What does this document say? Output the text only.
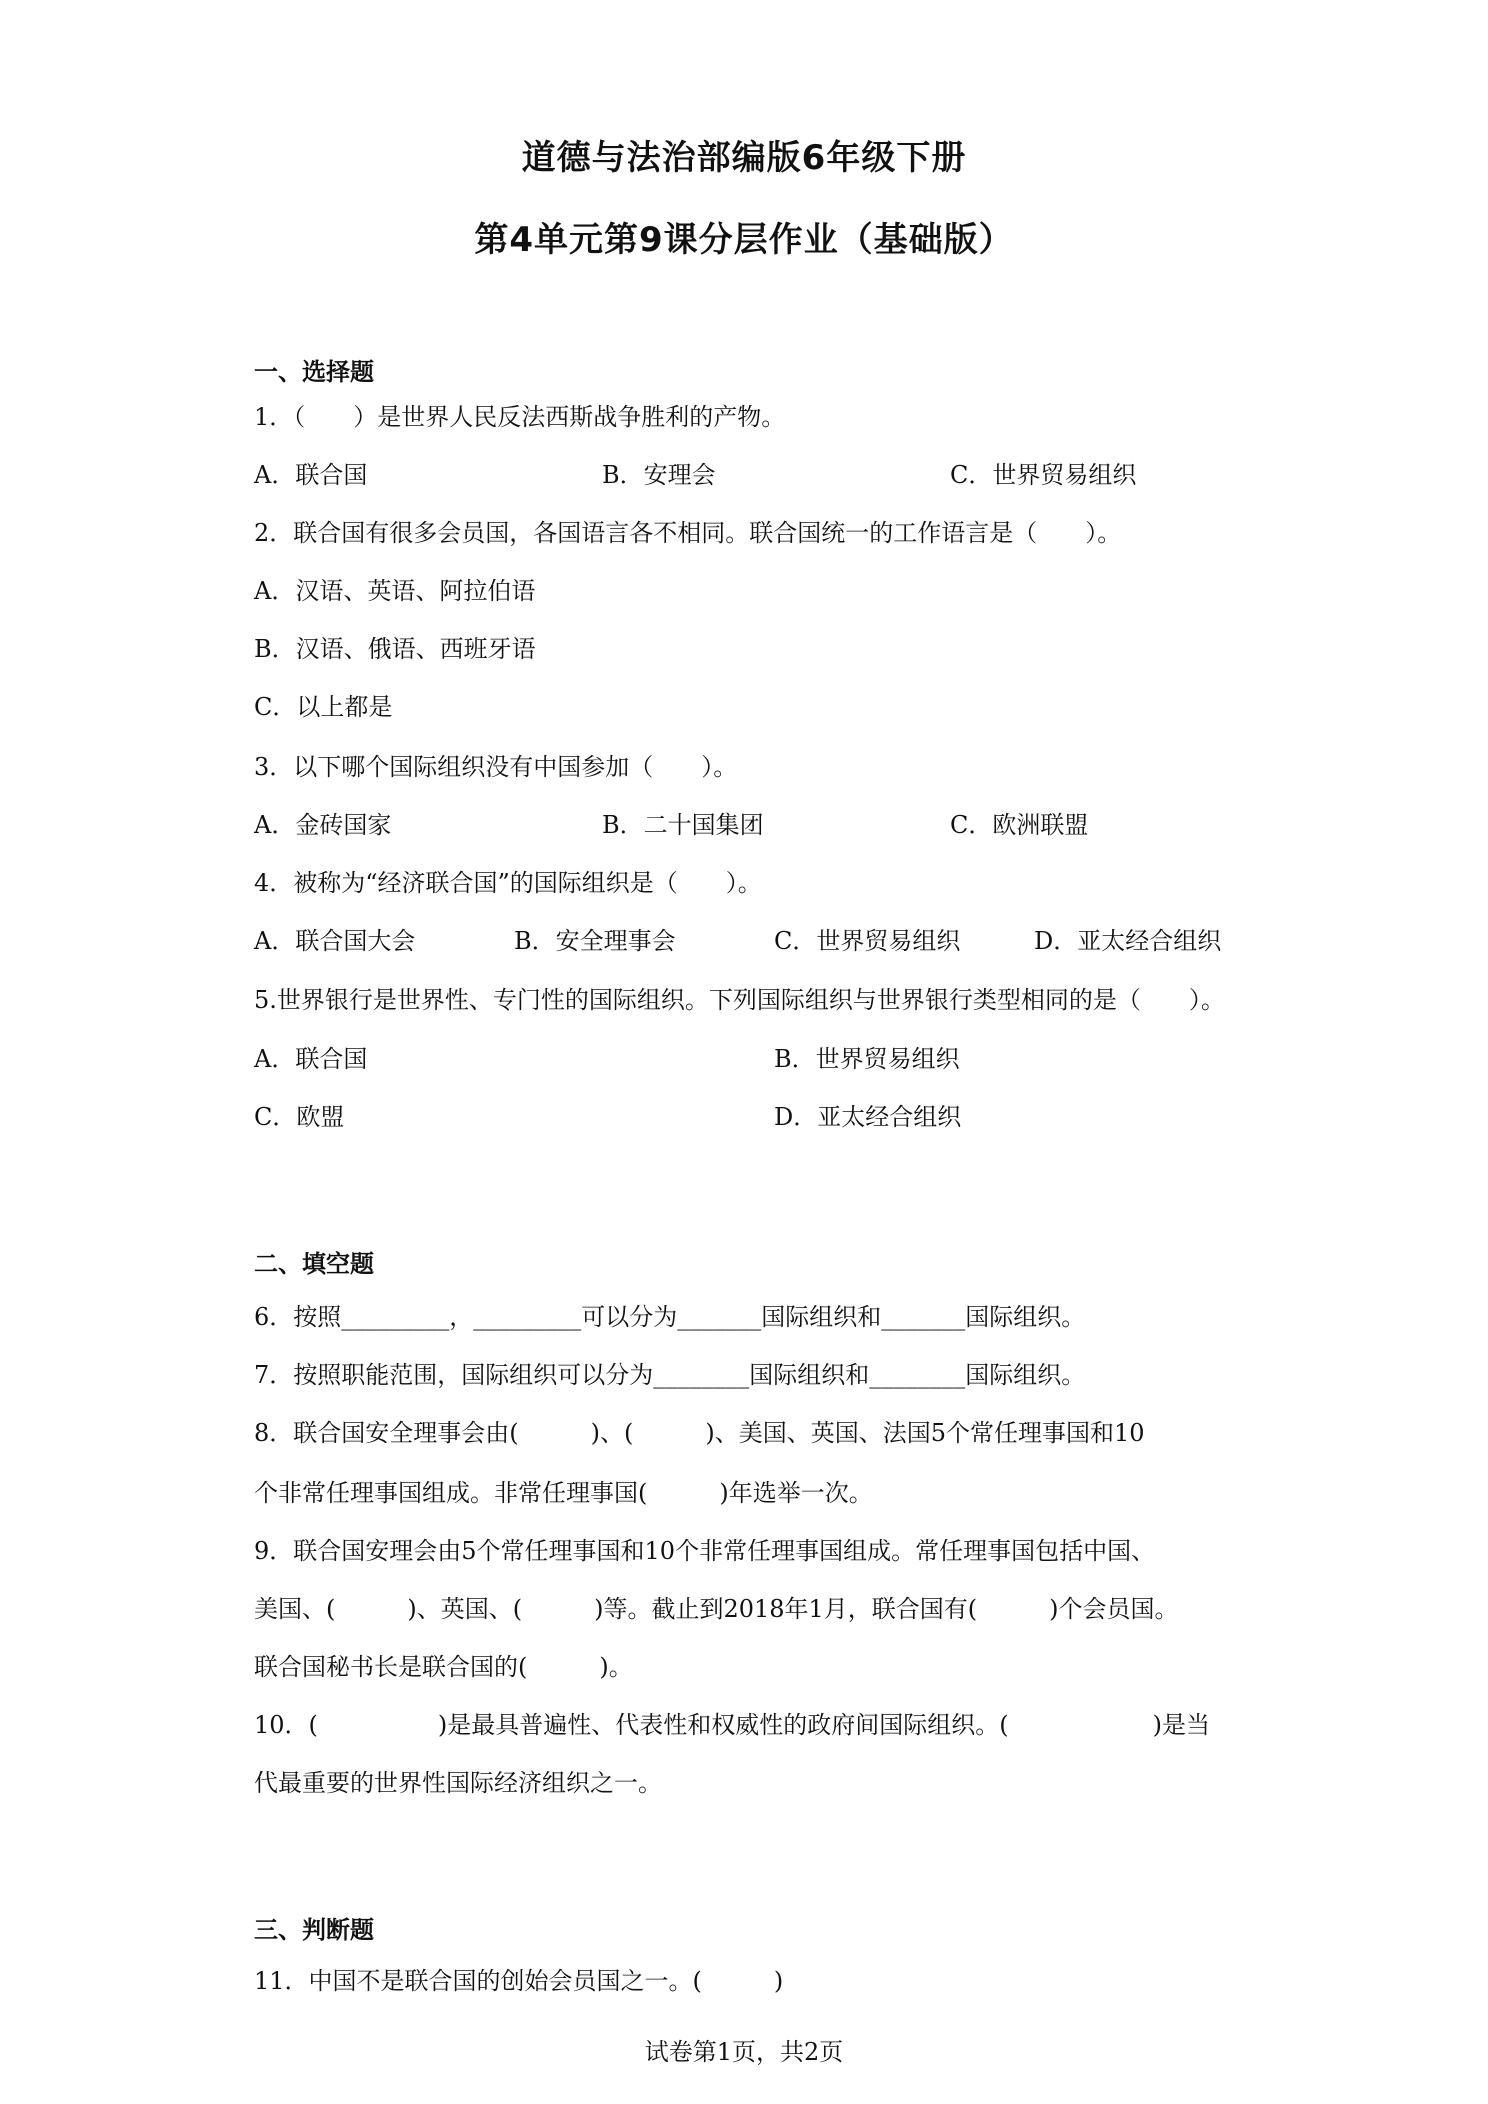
道德与法治部编版6年级下册
第4单元第9课分层作业（基础版）
一、选择题
1．（　　）是世界人民反法西斯战争胜利的产物。
A．联合国	B．安理会	C．世界贸易组织
2．联合国有很多会员国，各国语言各不相同。联合国统一的工作语言是（　　）。
A．汉语、英语、阿拉伯语
B．汉语、俄语、西班牙语
C．以上都是
3．以下哪个国际组织没有中国参加（　　）。
A．金砖国家	B．二十国集团	C．欧洲联盟
4．被称为“经济联合国”的国际组织是（　　）。
A．联合国大会	B．安全理事会	C．世界贸易组织	D．亚太经合组织
5.世界银行是世界性、专门性的国际组织。下列国际组织与世界银行类型相同的是（　　）。
A．联合国	B．世界贸易组织
C．欧盟	D．亚太经合组织
二、填空题
6．按照_________，_________可以分为_______国际组织和_______国际组织。
7．按照职能范围，国际组织可以分为________国际组织和________国际组织。
8．联合国安全理事会由(　　　)、(　　　)、美国、英国、法国5个常任理事国和10
个非常任理事国组成。非常任理事国(　　　)年选举一次。
9．联合国安理会由5个常任理事国和10个非常任理事国组成。常任理事国包括中国、
美国、(　　　)、英国、(　　　)等。截止到2018年1月，联合国有(　　　)个会员国。
联合国秘书长是联合国的(　　　)。
10．(　　　　　)是最具普遍性、代表性和权威性的政府间国际组织。(　　　　　　)是当
代最重要的世界性国际经济组织之一。
三、判断题
11．中国不是联合国的创始会员国之一。(　　　)
试卷第1页，共2页
